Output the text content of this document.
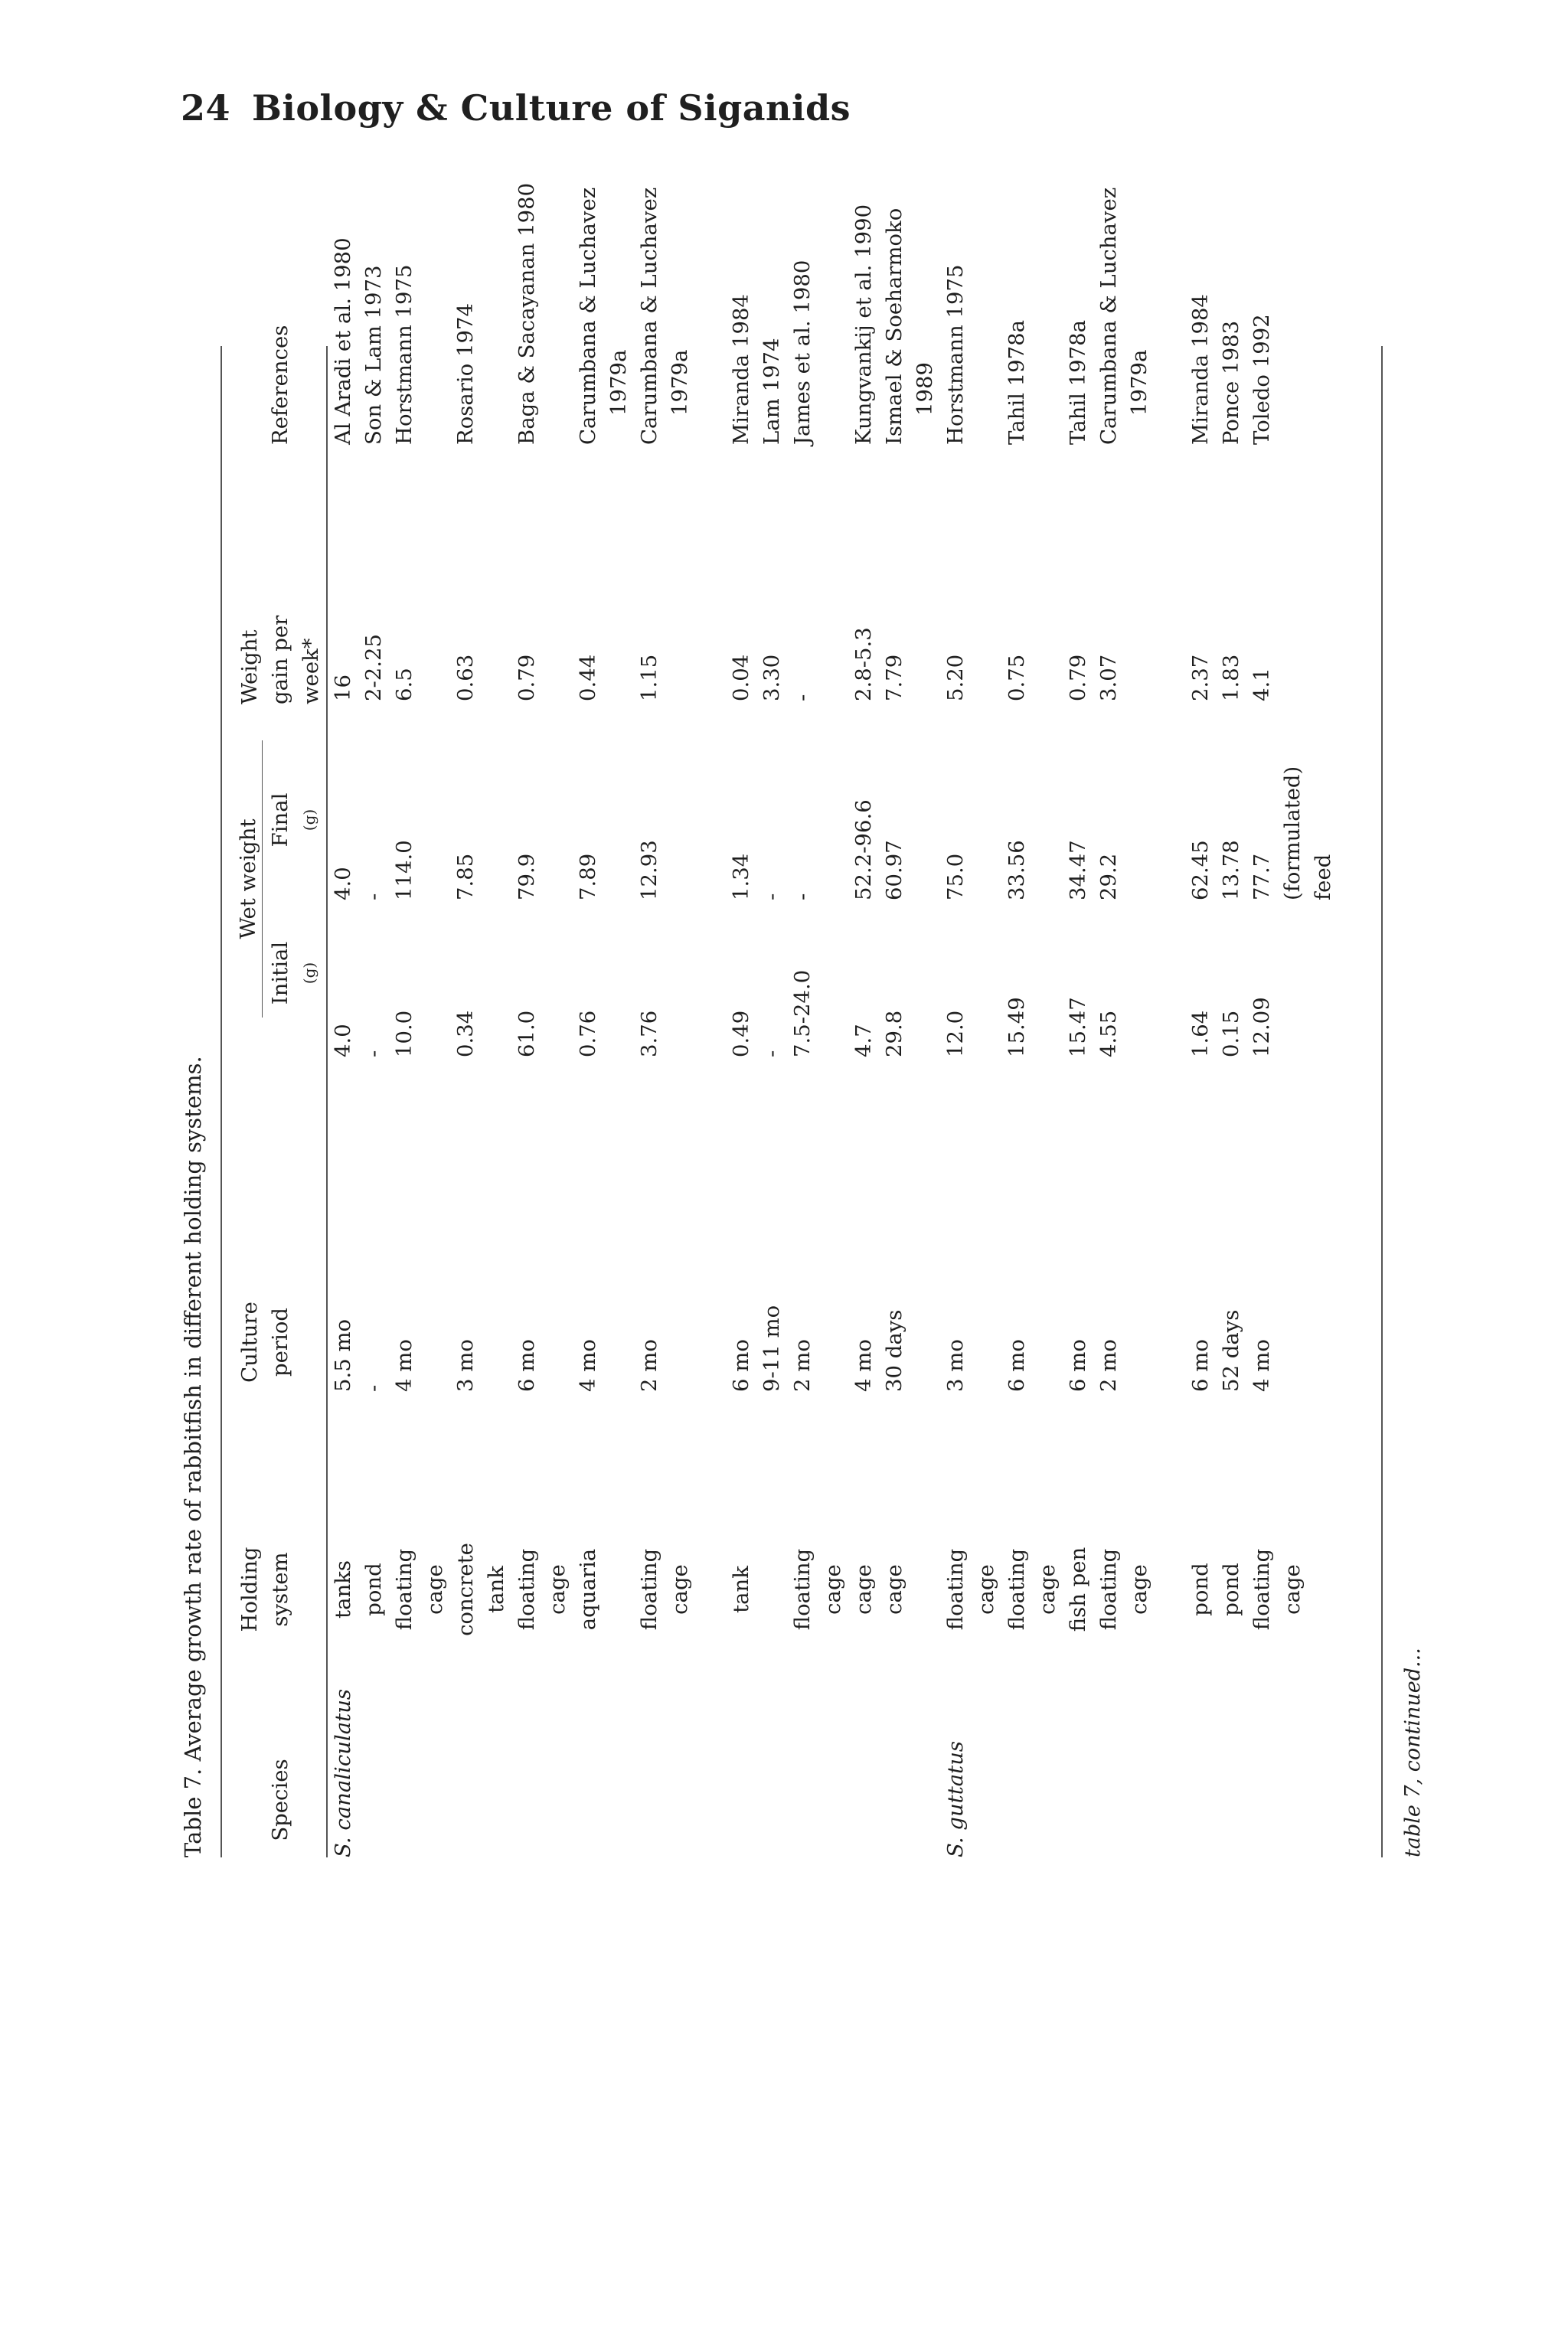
24 Biology & Culture of Siganids
Table 7. Average growth rate of rabbitfish in different holding systems.	Species
Holding
system
Culture
period
Wet weight
Initial (g)
Final (g)
Weight
gain per
week*
References
S. canaliculatus
tanks
5.5 mo
4.0
4.0
16
Al Aradi et al. 1980
pond
-
-
-
2-2.25
Son & Lam 1973
floating
4 mo
10.0
114.0
6.5
Horstmann 1975
cage concrete
3 mo
0.34
7.85
0.63
Rosario 1974
tank floating
6 mo
61.0
79.9
0.79
Baga & Sacayanan 1980
cage aquaria
4 mo
0.76
7.89
0.44
Carumbana & Luchavez 1979a
floating
2 mo
3.76
12.93
1.15
Carumbana & Luchavez
cage
1979a
tank
6 mo
0.49
1.34
0.04
Miranda 1984
9-11 mo
-
-
3.30
Lam 1974
floating
2 mo
7.5-24.0
-
-
James et al. 1980
cage cage
4 mo
4.7
52.2-96.6
2.8-5.3
Kungvankij et al. 1990
cage
30 days
29.8
60.97
7.79
Ismael & Soeharmoko 1989
S. guttatus
floating
3 mo
12.0
75.0
5.20
Horstmann 1975
cage floating
6 mo
15.49
33.56
0.75
Tahil 1978a
cage fish pen
6 mo
15.47
34.47
0.79
Tahil 1978a
floating
2 mo
4.55
29.2
3.07
Carumbana & Luchavez
cage
1979a
pond
6 mo
1.64
62.45
2.37
Miranda 1984
pond
52 days
0.15
13.78
1.83
Ponce 1983
floating
4 mo
12.09
77.7
4.1
Toledo 1992
cage
(formulated) feed
table 7, continued...
